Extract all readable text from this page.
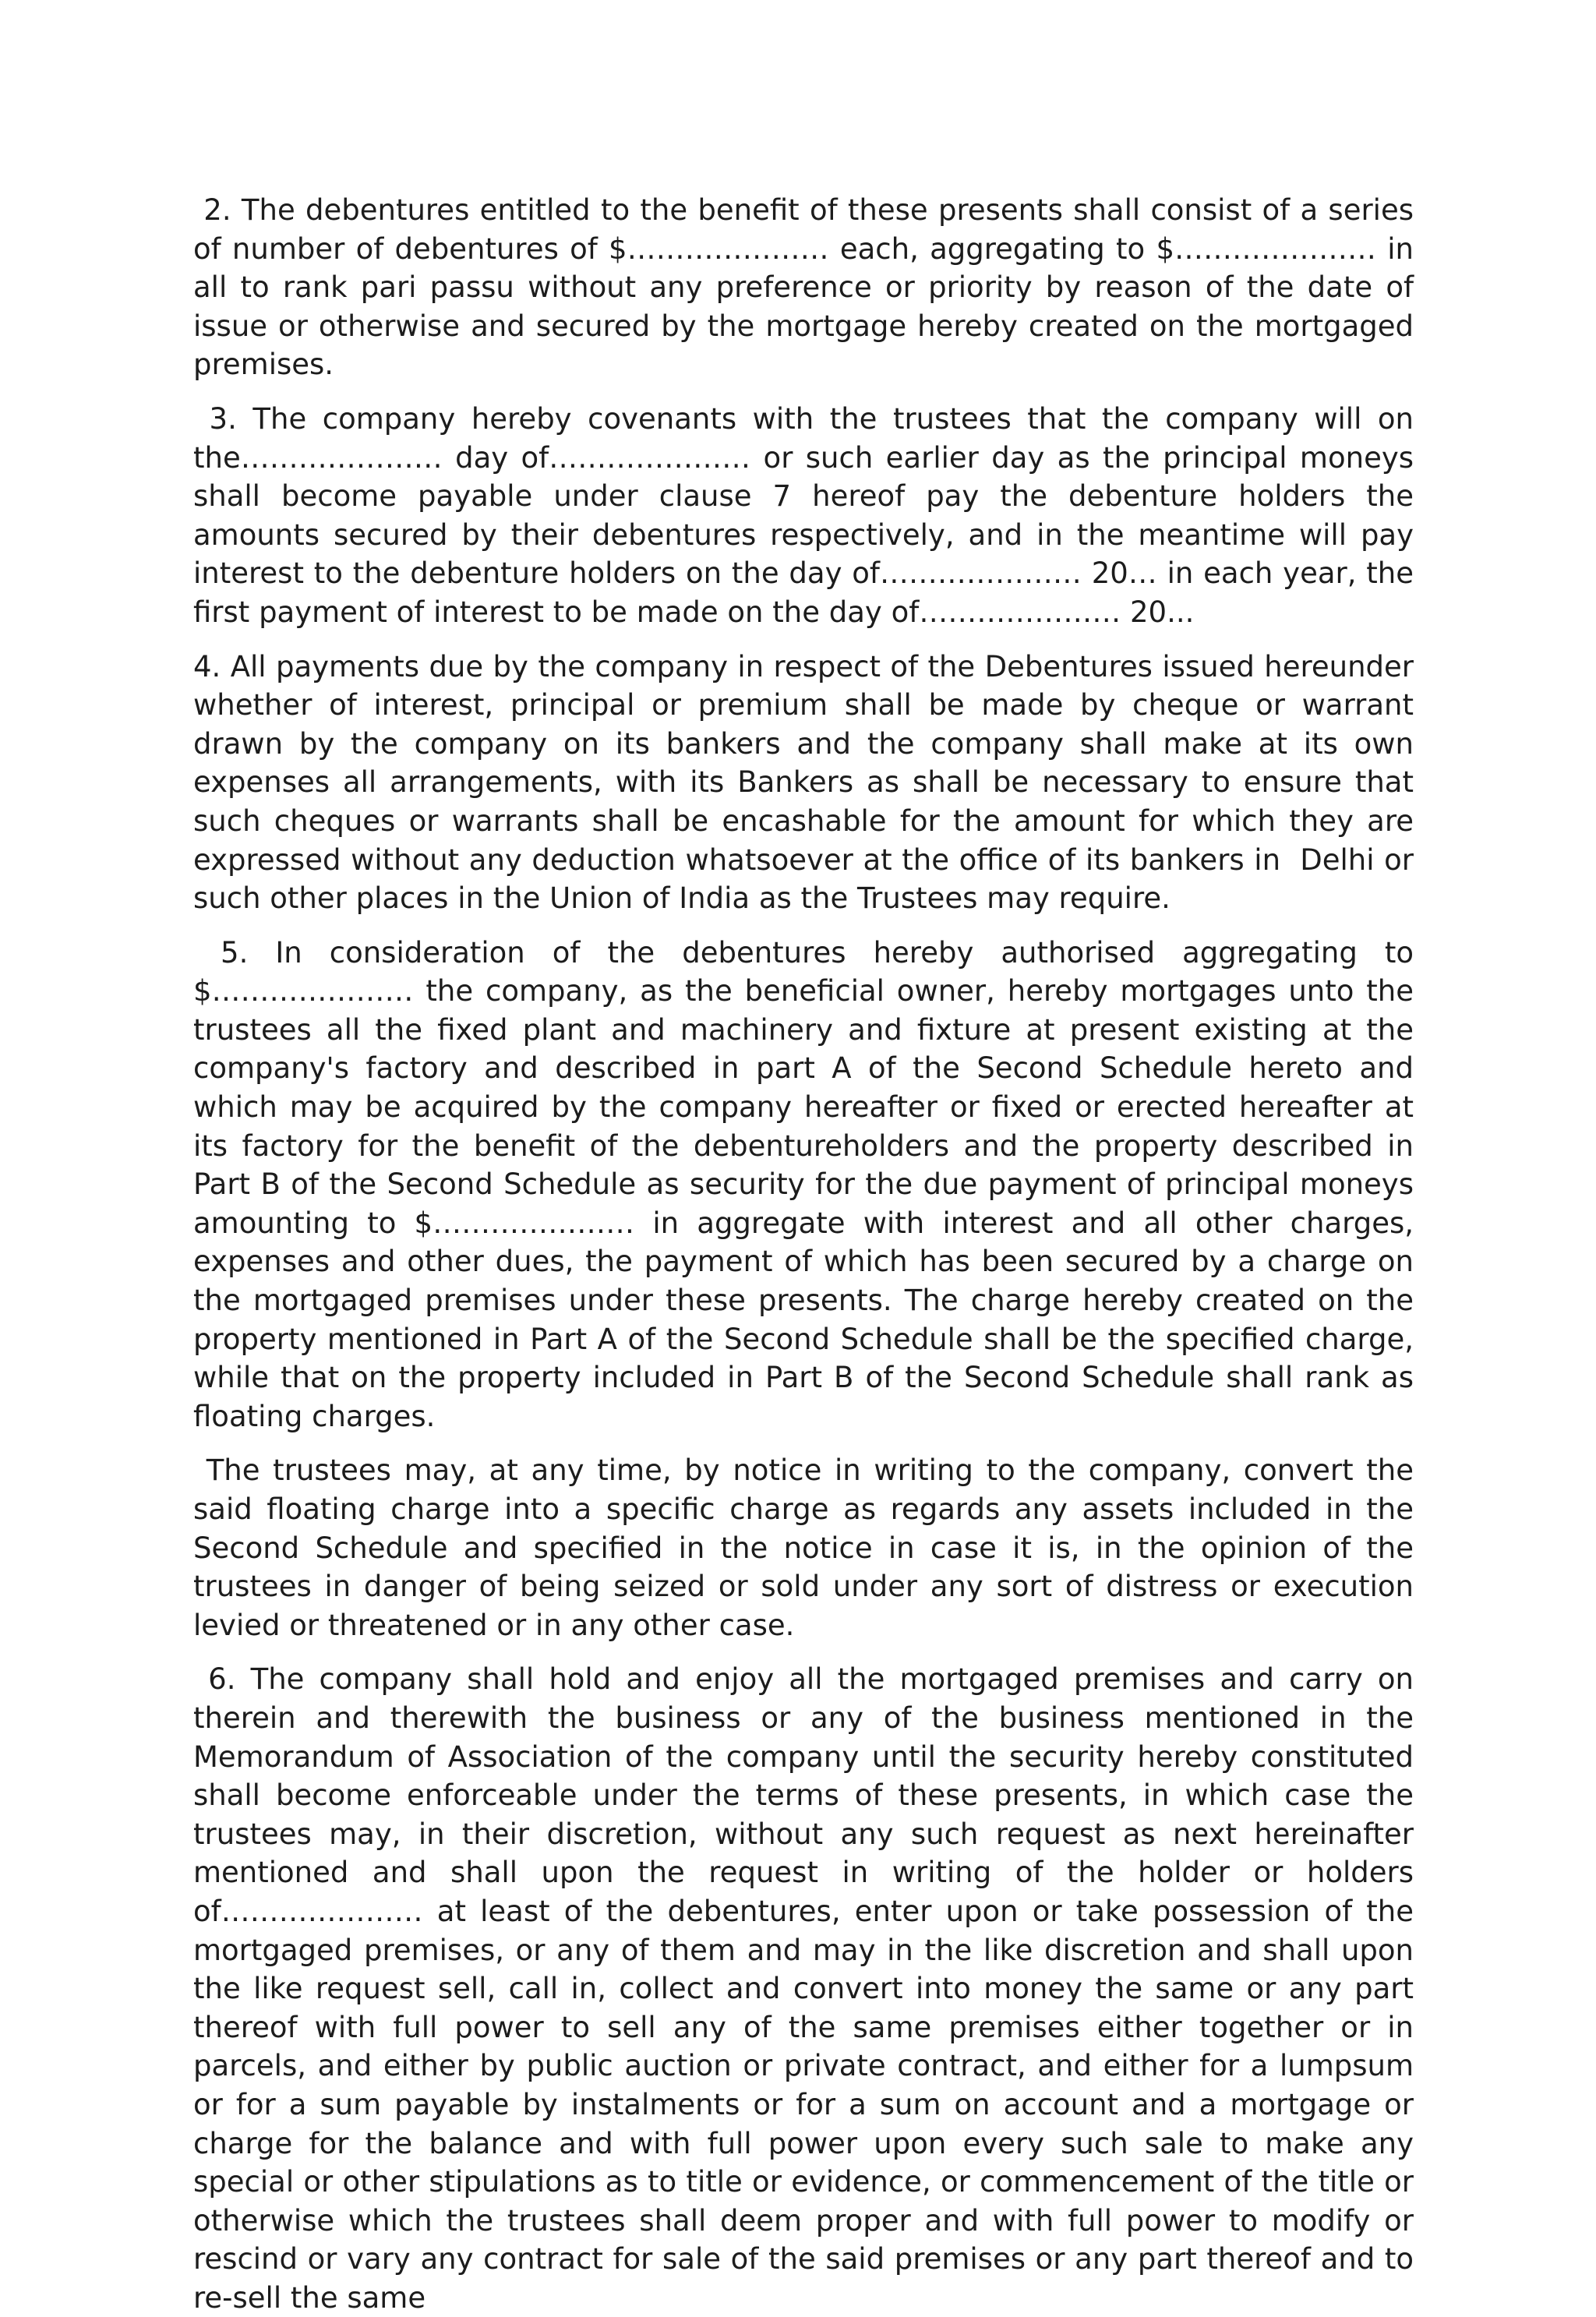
2. The debentures entitled to the benefit of these presents shall consist of a series of number of debentures of $………………… each, aggregating to $………………… in all to rank pari passu without any preference or priority by reason of the date of issue or otherwise and secured by the mortgage hereby created on the mortgaged premises.

3. The company hereby covenants with the trustees that the company will on the………………… day of………………… or such earlier day as the principal moneys shall become payable under clause 7 hereof pay the debenture holders the amounts secured by their debentures respectively, and in the meantime will pay interest to the debenture holders on the day of………………… 20… in each year, the first payment of interest to be made on the day of………………… 20...

4. All payments due by the company in respect of the Debentures issued hereunder whether of interest, principal or premium shall be made by cheque or warrant drawn by the company on its bankers and the company shall make at its own expenses all arrangements, with its Bankers as shall be necessary to ensure that such cheques or warrants shall be encashable for the amount for which they are expressed without any deduction whatsoever at the office of its bankers in  Delhi or such other places in the Union of India as the Trustees may require.

5. In consideration of the debentures hereby authorised aggregating to $………………… the company, as the beneficial owner, hereby mortgages unto the trustees all the fixed plant and machinery and fixture at present existing at the company's factory and described in part A of the Second Schedule hereto and which may be acquired by the company hereafter or fixed or erected hereafter at its factory for the benefit of the debentureholders and the property described in Part B of the Second Schedule as security for the due payment of principal moneys amounting to $………………… in aggregate with interest and all other charges, expenses and other dues, the payment of which has been secured by a charge on the mortgaged premises under these presents. The charge hereby created on the property mentioned in Part A of the Second Schedule shall be the specified charge, while that on the property included in Part B of the Second Schedule shall rank as floating charges.

The trustees may, at any time, by notice in writing to the company, convert the said floating charge into a specific charge as regards any assets included in the Second Schedule and specified in the notice in case it is, in the opinion of the trustees in danger of being seized or sold under any sort of distress or execution levied or threatened or in any other case.

6. The company shall hold and enjoy all the mortgaged premises and carry on therein and therewith the business or any of the business mentioned in the Memorandum of Association of the company until the security hereby constituted shall become enforceable under the terms of these presents, in which case the trustees may, in their discretion, without any such request as next hereinafter mentioned and shall upon the request in writing of the holder or holders of………………… at least of the debentures, enter upon or take possession of the mortgaged premises, or any of them and may in the like discretion and shall upon the like request sell, call in, collect and convert into money the same or any part thereof with full power to sell any of the same premises either together or in parcels, and either by public auction or private contract, and either for a lumpsum or for a sum payable by instalments or for a sum on account and a mortgage or charge for the balance and with full power upon every such sale to make any special or other stipulations as to title or evidence, or commencement of the title or otherwise which the trustees shall deem proper and with full power to modify or rescind or vary any contract for sale of the said premises or any part thereof and to re-sell the same
